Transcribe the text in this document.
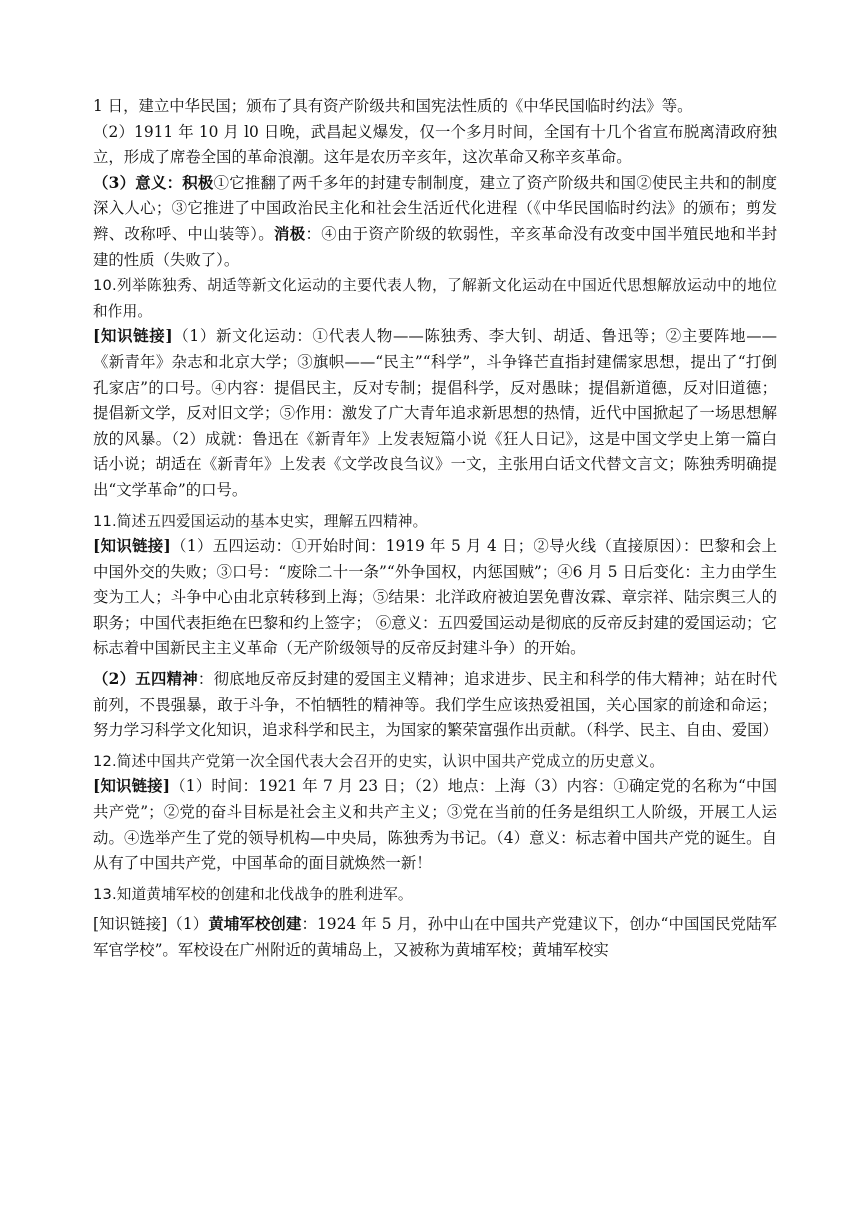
1 日，建立中华民国；颁布了具有资产阶级共和国宪法性质的《中华民国临时约法》等。

（2）1911 年 10 月 l0 日晚，武昌起义爆发，仅一个多月时间，全国有十几个省宣布脱离清政府独立，形成了席卷全国的革命浪潮。这年是农历辛亥年，这次革命又称辛亥革命。

（3）意义：积极①它推翻了两千多年的封建专制制度，建立了资产阶级共和国②使民主共和的制度深入人心；③它推进了中国政治民主化和社会生活近代化进程（《中华民国临时约法》的颁布；剪发辫、改称呼、中山装等）。消极：④由于资产阶级的软弱性，辛亥革命没有改变中国半殖民地和半封建的性质（失败了）。

10.列举陈独秀、胡适等新文化运动的主要代表人物，了解新文化运动在中国近代思想解放运动中的地位和作用。

[知识链接]（1）新文化运动：①代表人物——陈独秀、李大钊、胡适、鲁迅等；②主要阵地——《新青年》杂志和北京大学；③旗帜——“民主”“科学”，斗争锋芒直指封建儒家思想，提出了“打倒孔家店”的口号。④内容：提倡民主，反对专制；提倡科学，反对愚昧；提倡新道德，反对旧道德；提倡新文学，反对旧文学；⑤作用：激发了广大青年追求新思想的热情，近代中国掀起了一场思想解放的风暴。（2）成就：鲁迅在《新青年》上发表短篇小说《狂人日记》，这是中国文学史上第一篇白话小说；胡适在《新青年》上发表《文学改良刍议》一文，主张用白话文代替文言文；陈独秀明确提出“文学革命”的口号。

11.简述五四爱国运动的基本史实，理解五四精神。

[知识链接]（1）五四运动：①开始时间：1919 年 5 月 4 日；②导火线（直接原因）：巴黎和会上中国外交的失败；③口号：“废除二十一条”“外争国权，内惩国贼”；④6 月 5 日后变化：主力由学生变为工人；斗争中心由北京转移到上海；⑤结果：北洋政府被迫罢免曹汝霖、章宗祥、陆宗舆三人的职务；中国代表拒绝在巴黎和约上签字； ⑥意义：五四爱国运动是彻底的反帝反封建的爱国运动；它标志着中国新民主主义革命（无产阶级领导的反帝反封建斗争）的开始。

（2）五四精神：彻底地反帝反封建的爱国主义精神；追求进步、民主和科学的伟大精神；站在时代前列，不畏强暴，敢于斗争，不怕牺牲的精神等。我们学生应该热爱祖国，关心国家的前途和命运；努力学习科学文化知识，追求科学和民主，为国家的繁荣富强作出贡献。（科学、民主、自由、爱国）

12.简述中国共产党第一次全国代表大会召开的史实，认识中国共产党成立的历史意义。

[知识链接]（1）时间：1921 年 7 月 23 日；（2）地点：上海（3）内容：①确定党的名称为“中国共产党”；②党的奋斗目标是社会主义和共产主义；③党在当前的任务是组织工人阶级，开展工人运动。④选举产生了党的领导机构—中央局，陈独秀为书记。（4）意义：标志着中国共产党的诞生。自从有了中国共产党，中国革命的面目就焕然一新！

13.知道黄埔军校的创建和北伐战争的胜利进军。

[知识链接]（1）黄埔军校创建：1924 年 5 月，孙中山在中国共产党建议下，创办“中国国民党陆军军官学校”。军校设在广州附近的黄埔岛上，又被称为黄埔军校；黄埔军校实
